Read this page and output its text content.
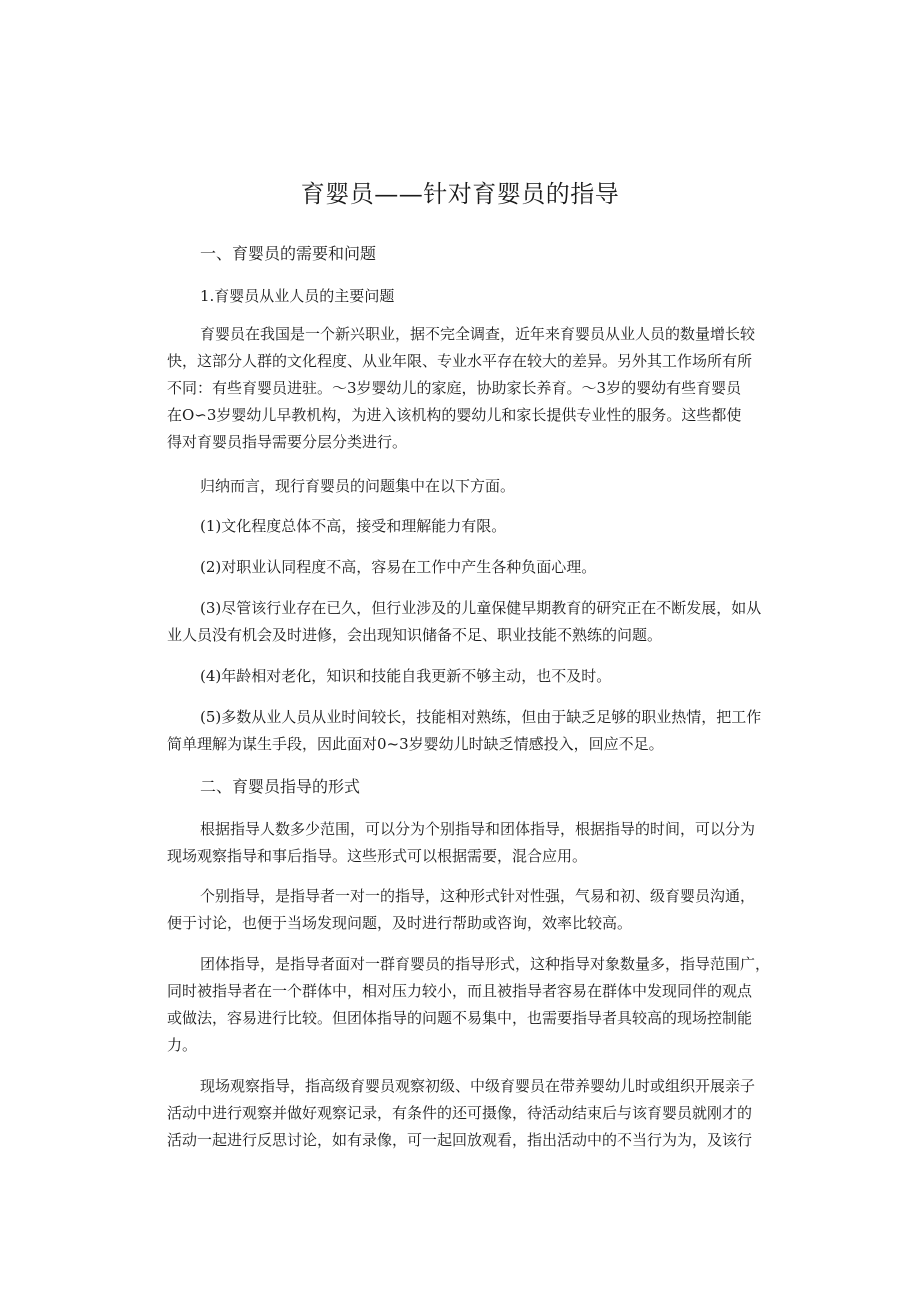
育婴员——针对育婴员的指导
一、育婴员的需要和问题
1.育婴员从业人员的主要问题
育婴员在我国是一个新兴职业，据不完全调查，近年来育婴员从业人员的数量增长较
快，这部分人群的文化程度、从业年限、专业水平存在较大的差异。另外其工作场所有所
不同：有些育婴员进驻。〜3岁婴幼儿的家庭，协助家长养育。〜3岁的婴幼有些育婴员
在O∽3岁婴幼儿早教机构，为进入该机构的婴幼儿和家长提供专业性的服务。这些都使
得对育婴员指导需要分层分类进行。
归纳而言，现行育婴员的问题集中在以下方面。
(1)文化程度总体不高，接受和理解能力有限。
(2)对职业认同程度不高，容易在工作中产生各种负面心理。
(3)尽管该行业存在已久，但行业涉及的儿童保健早期教育的研究正在不断发展，如从
业人员没有机会及时进修，会出现知识储备不足、职业技能不熟练的问题。
(4)年龄相对老化，知识和技能自我更新不够主动，也不及时。
(5)多数从业人员从业时间较长，技能相对熟练，但由于缺乏足够的职业热情，把工作
简单理解为谋生手段，因此面对0~3岁婴幼儿时缺乏情感投入，回应不足。
二、育婴员指导的形式
根据指导人数多少范围，可以分为个别指导和团体指导，根据指导的时间，可以分为
现场观察指导和事后指导。这些形式可以根据需要，混合应用。
个别指导，是指导者一对一的指导，这种形式针对性强，气易和初、级育婴员沟通，
便于讨论，也便于当场发现问题，及时进行帮助或咨询，效率比较高。
团体指导，是指导者面对一群育婴员的指导形式，这种指导对象数量多，指导范围广，
同时被指导者在一个群体中，相对压力较小，而且被指导者容易在群体中发现同伴的观点
或做法，容易进行比较。但团体指导的问题不易集中，也需要指导者具较高的现场控制能
力。
现场观察指导，指高级育婴员观察初级、中级育婴员在带养婴幼儿时或组织开展亲子
活动中进行观察并做好观察记录，有条件的还可摄像，待活动结束后与该育婴员就刚才的
活动一起进行反思讨论，如有录像，可一起回放观看，指出活动中的不当行为为，及该行
